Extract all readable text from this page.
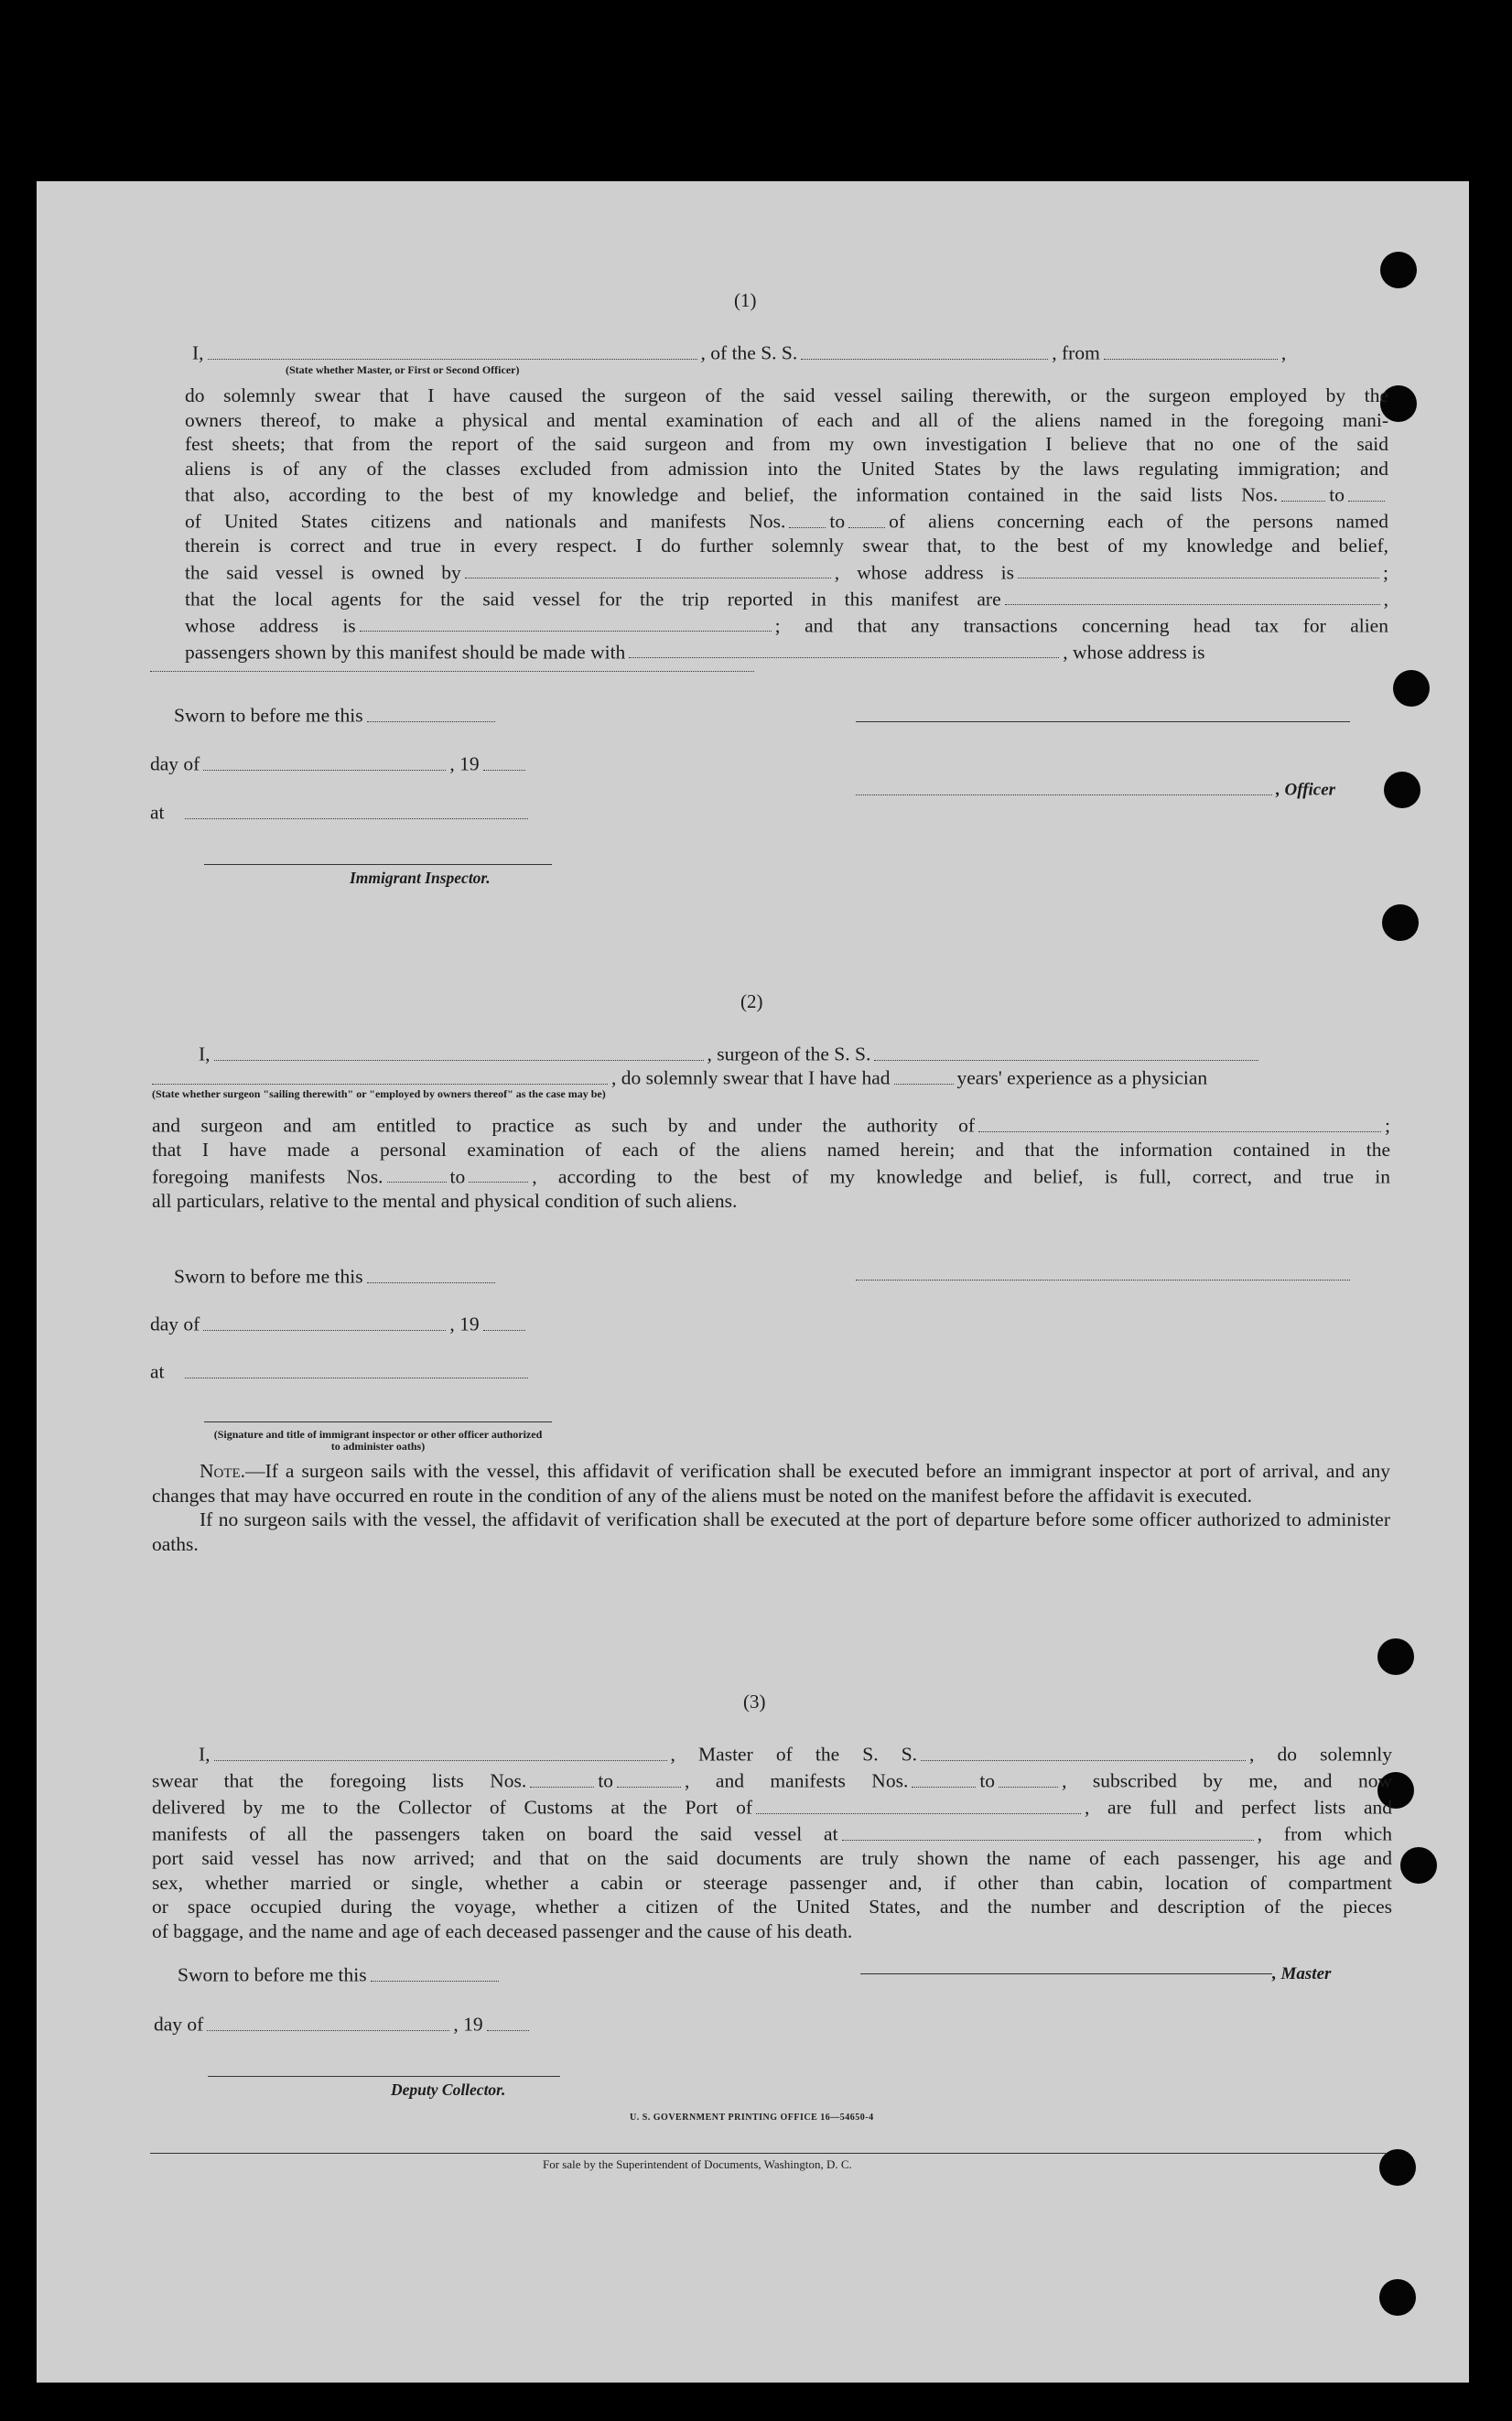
(1)
I,	, of the S. S.	, from	,
(State whether Master, or First or Second Officer)

do solemnly swear that I have caused the surgeon of the said vessel sailing therewith, or the surgeon employed by the

owners thereof, to make a physical and mental examination of each and all of the aliens named in the foregoing mani-

fest sheets; that from the report of the said surgeon and from my own investigation I believe that no one of the said

aliens is of any of the classes excluded from admission into the United States by the laws regulating immigration; and

that also, according to the best of my knowledge and belief, the information contained in the said lists Nos.	to

of United States citizens and nationals and manifests Nos. to of aliens concerning each of the persons named

therein is correct and true in every respect. I do further solemnly swear that, to the best of my knowledge and belief,

the said vessel is owned by	, whose address is	;

that the local agents for the said vessel for the trip reported in this manifest are	,

whose address is	; and that any transactions concerning head tax for alien

passengers shown by this manifest should be made with	, whose address is

Sworn to before me this
day of	, 19
, Officer
at
Immigrant Inspector.
(2)
I,	, surgeon of the S. S.
, do solemnly swear that I have had	years' experience as a physician
(State whether surgeon "sailing therewith" or "employed by owners thereof" as the case may be)

and surgeon and am entitled to practice as such by and under the authority of	;

that I have made a personal examination of each of the aliens named herein; and that the information contained in the

foregoing manifests Nos.	to	, according to the best of my knowledge and belief, is full, correct, and true in

all particulars, relative to the mental and physical condition of such aliens.

Sworn to before me this
day of	, 19
at
(Signature and title of immigrant inspector or other officer authorized to administer oaths)

Note.—If a surgeon sails with the vessel, this affidavit of verification shall be executed before an immigrant inspector at port of arrival, and any changes that may have occurred en route in the condition of any of the aliens must be noted on the manifest before the affidavit is executed.

If no surgeon sails with the vessel, the affidavit of verification shall be executed at the port of departure before some officer authorized to administer oaths.

(3)

I,	, Master of the S. S.	, do solemnly

swear that the foregoing lists Nos.	to	, and manifests Nos.	to	, subscribed by me, and now

delivered by me to the Collector of Customs at the Port of	, are full and perfect lists and

manifests of all the passengers taken on board the said vessel at	, from which

port said vessel has now arrived; and that on the said documents are truly shown the name of each passenger, his age and

sex, whether married or single, whether a cabin or steerage passenger and, if other than cabin, location of compartment

or space occupied during the voyage, whether a citizen of the United States, and the number and description of the pieces

of baggage, and the name and age of each deceased passenger and the cause of his death.

Sworn to before me this	, Master
day of	, 19
Deputy Collector.
U. S. GOVERNMENT PRINTING OFFICE 16—54650-4
For sale by the Superintendent of Documents, Washington, D. C.
